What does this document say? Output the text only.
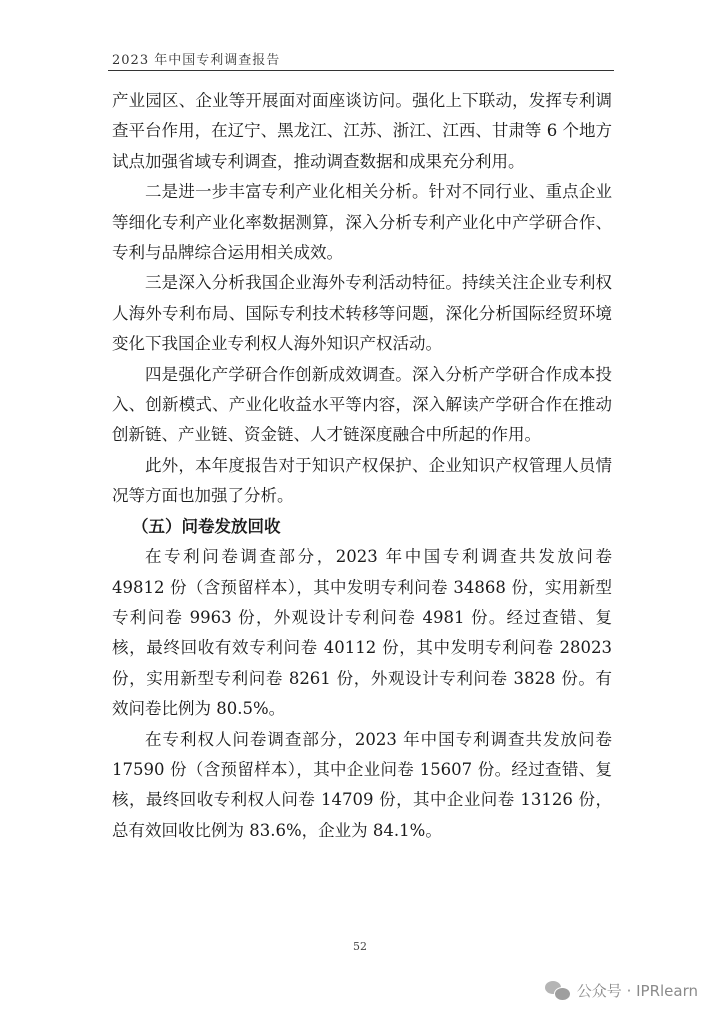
2023 年中国专利调查报告

产业园区、企业等开展面对面座谈访问。强化上下联动，发挥专利调查平台作用，在辽宁、黑龙江、江苏、浙江、江西、甘肃等 6 个地方试点加强省域专利调查，推动调查数据和成果充分利用。

二是进一步丰富专利产业化相关分析。针对不同行业、重点企业等细化专利产业化率数据测算，深入分析专利产业化中产学研合作、专利与品牌综合运用相关成效。

三是深入分析我国企业海外专利活动特征。持续关注企业专利权人海外专利布局、国际专利技术转移等问题，深化分析国际经贸环境变化下我国企业专利权人海外知识产权活动。

四是强化产学研合作创新成效调查。深入分析产学研合作成本投入、创新模式、产业化收益水平等内容，深入解读产学研合作在推动创新链、产业链、资金链、人才链深度融合中所起的作用。

此外，本年度报告对于知识产权保护、企业知识产权管理人员情况等方面也加强了分析。

（五）问卷发放回收

在专利问卷调查部分，2023 年中国专利调查共发放问卷 49812 份（含预留样本），其中发明专利问卷 34868 份，实用新型专利问卷 9963 份，外观设计专利问卷 4981 份。经过查错、复核，最终回收有效专利问卷 40112 份，其中发明专利问卷 28023 份，实用新型专利问卷 8261 份，外观设计专利问卷 3828 份。有效问卷比例为 80.5%。

在专利权人问卷调查部分，2023 年中国专利调查共发放问卷 17590 份（含预留样本），其中企业问卷 15607 份。经过查错、复核，最终回收专利权人问卷 14709 份，其中企业问卷 13126 份，总有效回收比例为 83.6%，企业为 84.1%。

52
公众号 · IPRlearn
